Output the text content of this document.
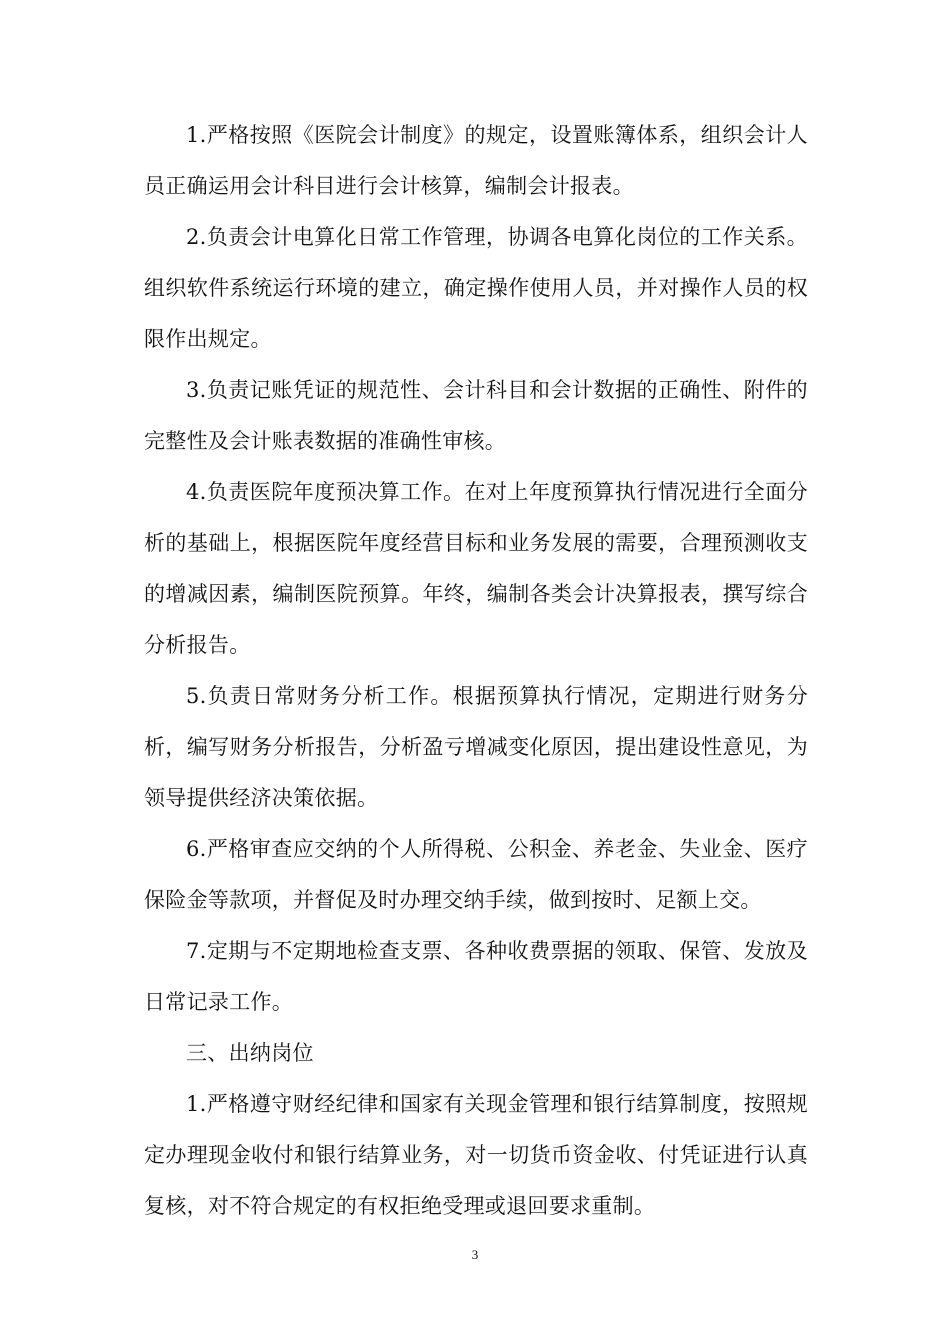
1.严格按照《医院会计制度》的规定，设置账簿体系，组织会计人员正确运用会计科目进行会计核算，编制会计报表。

2.负责会计电算化日常工作管理，协调各电算化岗位的工作关系。组织软件系统运行环境的建立，确定操作使用人员，并对操作人员的权限作出规定。

3.负责记账凭证的规范性、会计科目和会计数据的正确性、附件的完整性及会计账表数据的准确性审核。

4.负责医院年度预决算工作。在对上年度预算执行情况进行全面分析的基础上，根据医院年度经营目标和业务发展的需要，合理预测收支的增减因素，编制医院预算。年终，编制各类会计决算报表，撰写综合分析报告。

5.负责日常财务分析工作。根据预算执行情况，定期进行财务分析，编写财务分析报告，分析盈亏增减变化原因，提出建设性意见，为领导提供经济决策依据。

6.严格审查应交纳的个人所得税、公积金、养老金、失业金、医疗保险金等款项，并督促及时办理交纳手续，做到按时、足额上交。

7.定期与不定期地检查支票、各种收费票据的领取、保管、发放及日常记录工作。

三、出纳岗位

1.严格遵守财经纪律和国家有关现金管理和银行结算制度，按照规定办理现金收付和银行结算业务，对一切货币资金收、付凭证进行认真复核，对不符合规定的有权拒绝受理或退回要求重制。

3
